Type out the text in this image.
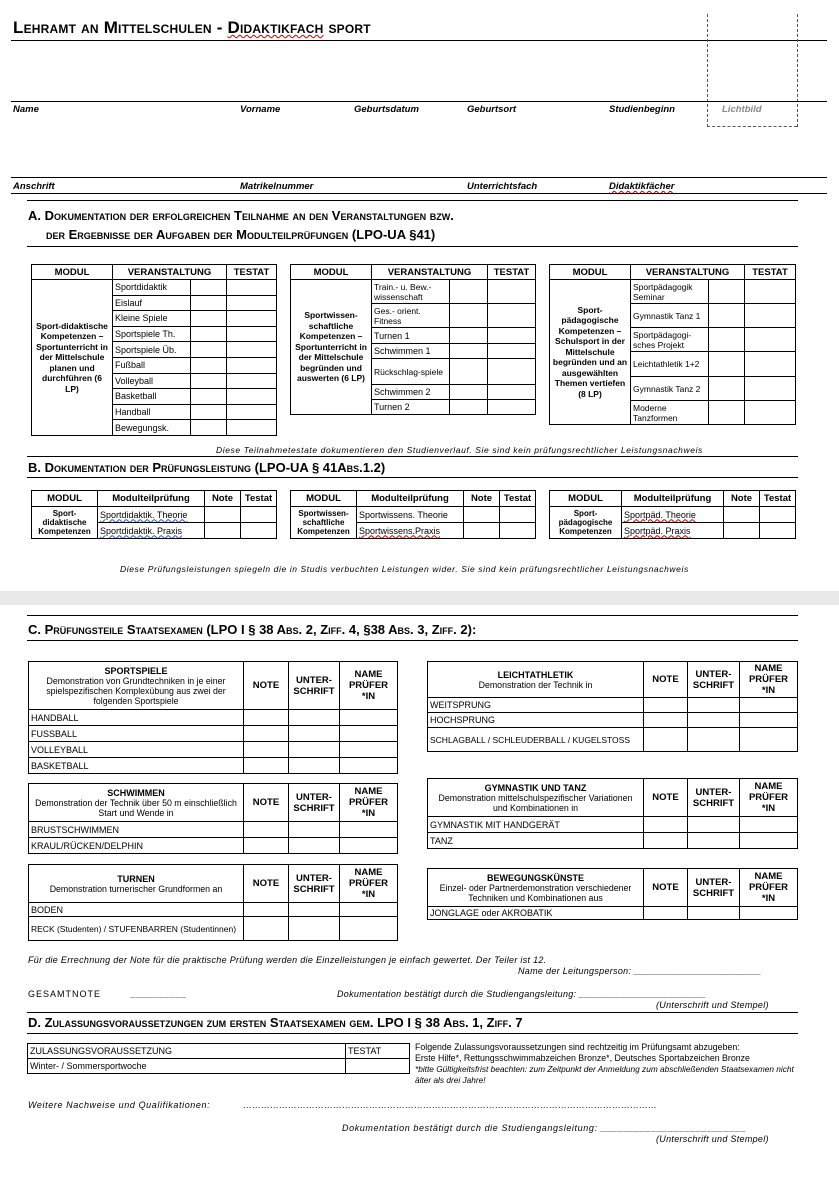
Lehramt an Mittelschulen - Didaktikfach sport
Name	Vorname	Geburtsdatum	Geburtsort	Studienbeginn	Lichtbild
Anschrift	Matrikelnummer	Unterrichtsfach	Didaktikfächer
A. Dokumentation der erfolgreichen Teilnahme an den Veranstaltungen bzw.
der Ergebnisse der Aufgaben der Modulteilprüfungen (LPO-UA §41)
MODUL	VERANSTALTUNG		TESTAT
Sport-didaktische Kompetenzen – Sportunterricht in der Mittelschule planen und durchführen (6 LP)	Sportdidaktik		
	Eislauf		
	Kleine Spiele		
	Sportspiele Th.		
	Sportspiele Üb.		
	Fußball		
	Volleyball		
	Basketball		
	Handball		
	Bewegungsk.		
MODUL	VERANSTALTUNG		TESTAT
Sportwissen-schaftliche Kompetenzen – Sportunterricht in der Mittelschule begründen und auswerten (6 LP)	Train.- u. Bew.-wissenschaft		
	Ges.- orient. Fitness		
	Turnen 1		
	Schwimmen 1		
	Rückschlag-spiele		
	Schwimmen 2		
	Turnen 2		
MODUL	VERANSTALTUNG		TESTAT
Sport-pädagogische Kompetenzen – Schulsport in der Mittelschule begründen und an ausgewählten Themen vertiefen (8 LP)	Sportpädagogik Seminar		
	Gymnastik Tanz 1		
	Sportpädagogi-sches Projekt		
	Leichtathletik 1+2		
	Gymnastik Tanz 2		
	Moderne Tanzformen		
Diese Teilnahmetestate dokumentieren den Studienverlauf. Sie sind kein prüfungsrechtlicher Leistungsnachweis
B. Dokumentation der Prüfungsleistung (LPO-UA § 41Abs.1.2)
MODUL	Modulteilprüfung	Note	Testat
Sport-didaktische Kompetenzen	Sportdidaktik. Theorie		
	Sportdidaktik. Praxis		
MODUL	Modulteilprüfung	Note	Testat
Sportwissen-schaftliche Kompetenzen	Sportwissens. Theorie		
	Sportwissens.Praxis		
MODUL	Modulteilprüfung	Note	Testat
Sport-pädagogische Kompetenzen	Sportpäd. Theorie		
	Sportpäd. Praxis		
Diese Prüfungsleistungen spiegeln die in Studis verbuchten Leistungen wider. Sie sind kein prüfungsrechtlicher Leistungsnachweis
C. Prüfungsteile Staatsexamen (LPO I § 38 Abs. 2, Ziff. 4, §38 Abs. 3, Ziff. 2):
SPORTSPIELE
Demonstration von Grundtechniken in je einer spielspezifischen Komplexübung aus zwei der folgenden Sportspiele	NOTE	UNTER-SCHRIFT	NAME PRÜFER *IN
HANDBALL			
FUSSBALL			
VOLLEYBALL			
BASKETBALL			
SCHWIMMEN
Demonstration der Technik über 50 m einschließlich Start und Wende in	NOTE	UNTER-SCHRIFT	NAME PRÜFER *IN
BRUSTSCHWIMMEN			
KRAUL/RÜCKEN/DELPHIN			
TURNEN
Demonstration turnerischer Grundformen an	NOTE	UNTER-SCHRIFT	NAME PRÜFER *IN
BODEN			
RECK (Studenten) / STUFENBARREN (Studentinnen)			
LEICHTATHLETIK
Demonstration der Technik in	NOTE	UNTER-SCHRIFT	NAME PRÜFER *IN
WEITSPRUNG			
HOCHSPRUNG			
SCHLAGBALL / SCHLEUDERBALL / KUGELSTOSS			
GYMNASTIK UND TANZ
Demonstration mittelschulspezifischer Variationen und Kombinationen in	NOTE	UNTER-SCHRIFT	NAME PRÜFER *IN
GYMNASTIK MIT HANDGERÄT			
TANZ			
BEWEGUNGSKÜNSTE
Einzel- oder Partnerdemonstration verschiedener Techniken und Kombinationen aus	NOTE	UNTER-SCHRIFT	NAME PRÜFER *IN
JONGLAGE oder AKROBATIK			
Für die Errechnung der Note für die praktische Prüfung werden die Einzelleistungen je einfach gewertet. Der Teiler ist 12.
Name der Leitungsperson: ________________________
GESAMTNOTE	__________	Dokumentation bestätigt durch die Studiengangsleitung: ________________________
(Unterschrift und Stempel)
D. Zulassungsvoraussetzungen zum ersten Staatsexamen gem. LPO I § 38 Abs. 1, Ziff. 7
ZULASSUNGSVORAUSSETZUNG	TESTAT
Winter- / Sommersportwoche	
Folgende Zulassungsvoraussetzungen sind rechtzeitig im Prüfungsamt abzugeben:
Erste Hilfe*, Rettungsschwimmabzeichen Bronze*, Deutsches Sportabzeichen Bronze
*bitte Gültigkeitsfrist beachten: zum Zeitpunkt der Anmeldung zum abschließenden Staatsexamen nicht älter als drei Jahre!
Weitere Nachweise und Qualifikationen:	…………………………………………………………………………………………………………………………
Dokumentation bestätigt durch die Studiengangsleitung: __________________________
(Unterschrift und Stempel)
